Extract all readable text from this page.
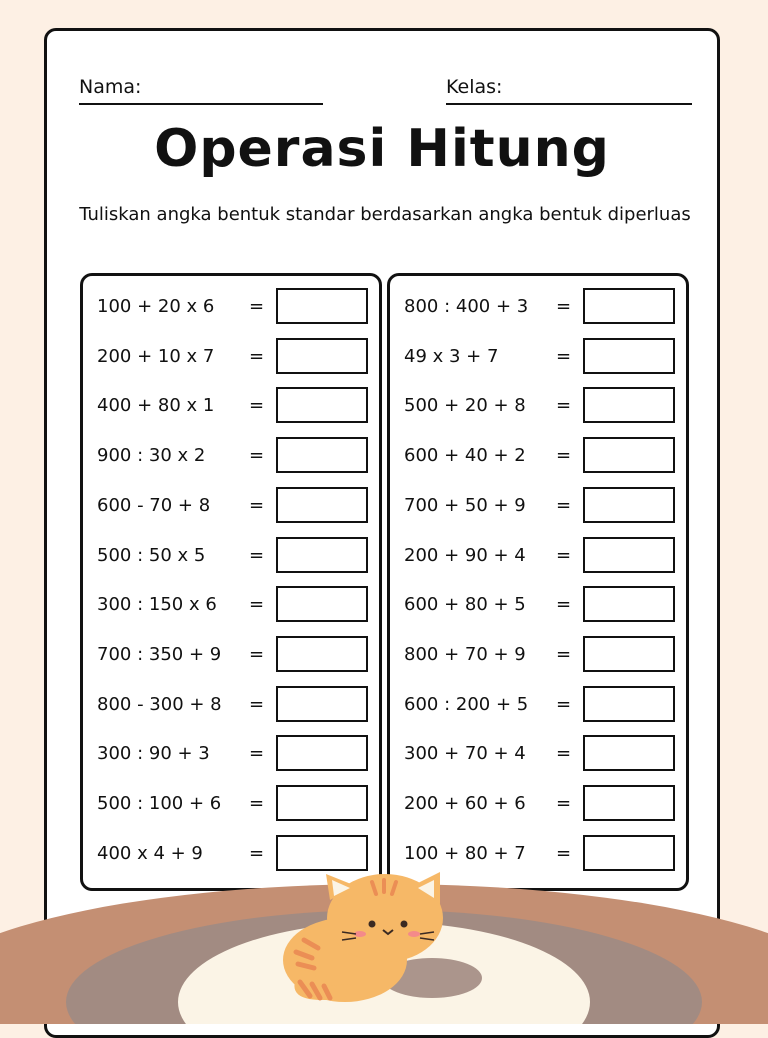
Nama:	Kelas:
Operasi Hitung
Tuliskan angka bentuk standar berdasarkan angka bentuk diperluas
100 + 20 x 6 =
200 + 10 x 7 =
400 + 80 x 1 =
900 : 30 x 2 =
600 - 70 + 8 =
500 : 50 x 5 =
300 : 150 x 6 =
700 : 350 + 9 =
800 - 300 + 8 =
300 : 90 + 3 =
500 : 100 + 6 =
400 x 4 + 9	=
800 : 400 + 3 =
49 x 3 + 7	=
500 + 20 + 8 =
600 + 40 + 2 =
700 + 50 + 9 =
200 + 90 + 4 =
600 + 80 + 5 =
800 + 70 + 9 =
600 : 200 + 5 =
300 + 70 + 4 =
200 + 60 + 6 =
100 + 80 + 7 =
